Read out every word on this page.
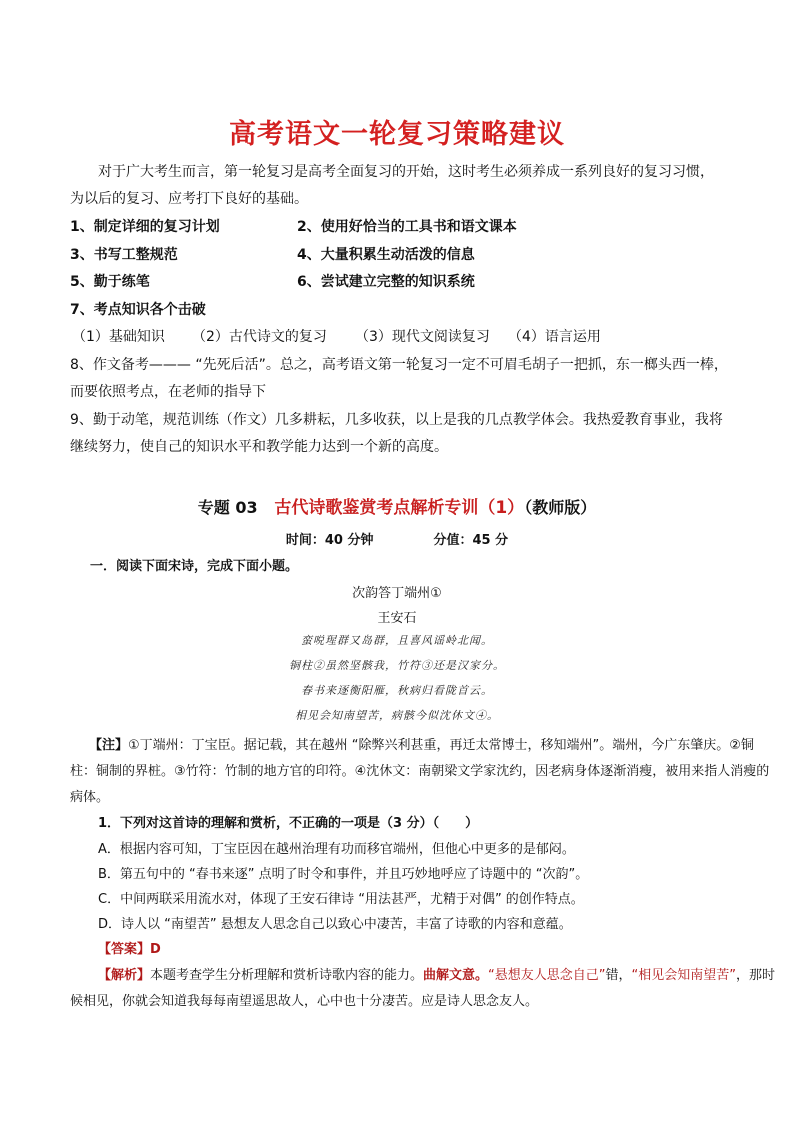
高考语文一轮复习策略建议
对于广大考生而言，第一轮复习是高考全面复习的开始，这时考生必须养成一系列良好的复习习惯，
为以后的复习、应考打下良好的基础。
1、制定详细的复习计划	2、使用好恰当的工具书和语文课本
3、书写工整规范	4、大量积累生动活泼的信息
5、勤于练笔	6、尝试建立完整的知识系统
7、考点知识各个击破
（1）基础知识 （2）古代诗文的复习 （3）现代文阅读复习 （4）语言运用
8、作文备考——— “先死后活”。总之，高考语文第一轮复习一定不可眉毛胡子一把抓，东一榔头西一棒，
而要依照考点，在老师的指导下
9、勤于动笔，规范训练（作文）几多耕耘，几多收获，以上是我的几点教学体会。我热爱教育事业，我将
继续努力，使自己的知识水平和教学能力达到一个新的高度。
专题 03 古代诗歌鉴赏考点解析专训（1）（教师版）
时间：40 分钟	分值：45 分
一．阅读下面宋诗，完成下面小题。
次韵答丁端州①
王安石
蛮哾瑆群又岛群，且喜风谣岭北闻。
铜柱②虽然坚骸我，竹符③还是汉家分。
春书来逐衡阳雁，秋病归看陇首云。
相见会知南望苦，病骸今似沈休文④。
【注】①丁端州：丁宝臣。据记载，其在越州 “除弊兴利甚重，再迁太常博士，移知端州”。端州，今广东肇庆。②铜
柱：铜制的界桩。③竹符：竹制的地方官的印符。④沈休文：南朝梁文学家沈约，因老病身体逐渐消瘦，被用来指人消瘦的
病体。
1．下列对这首诗的理解和赏析，不正确的一项是（3 分）（　　）
A．根据内容可知，丁宝臣因在越州治理有功而移官端州，但他心中更多的是郁闷。
B．第五句中的 “春书来逐” 点明了时令和事件，并且巧妙地呼应了诗题中的 “次韵”。
C．中间两联采用流水对，体现了王安石律诗 “用法甚严，尤精于对偶” 的创作特点。
D．诗人以 “南望苦” 悬想友人思念自己以致心中凄苦，丰富了诗歌的内容和意蕴。
【答案】D
【解析】本题考查学生分析理解和赏析诗歌内容的能力。曲解文意。“悬想友人思念自己”错，“相见会知南望苦”，那时
候相见，你就会知道我每每南望遥思故人，心中也十分凄苦。应是诗人思念友人。
